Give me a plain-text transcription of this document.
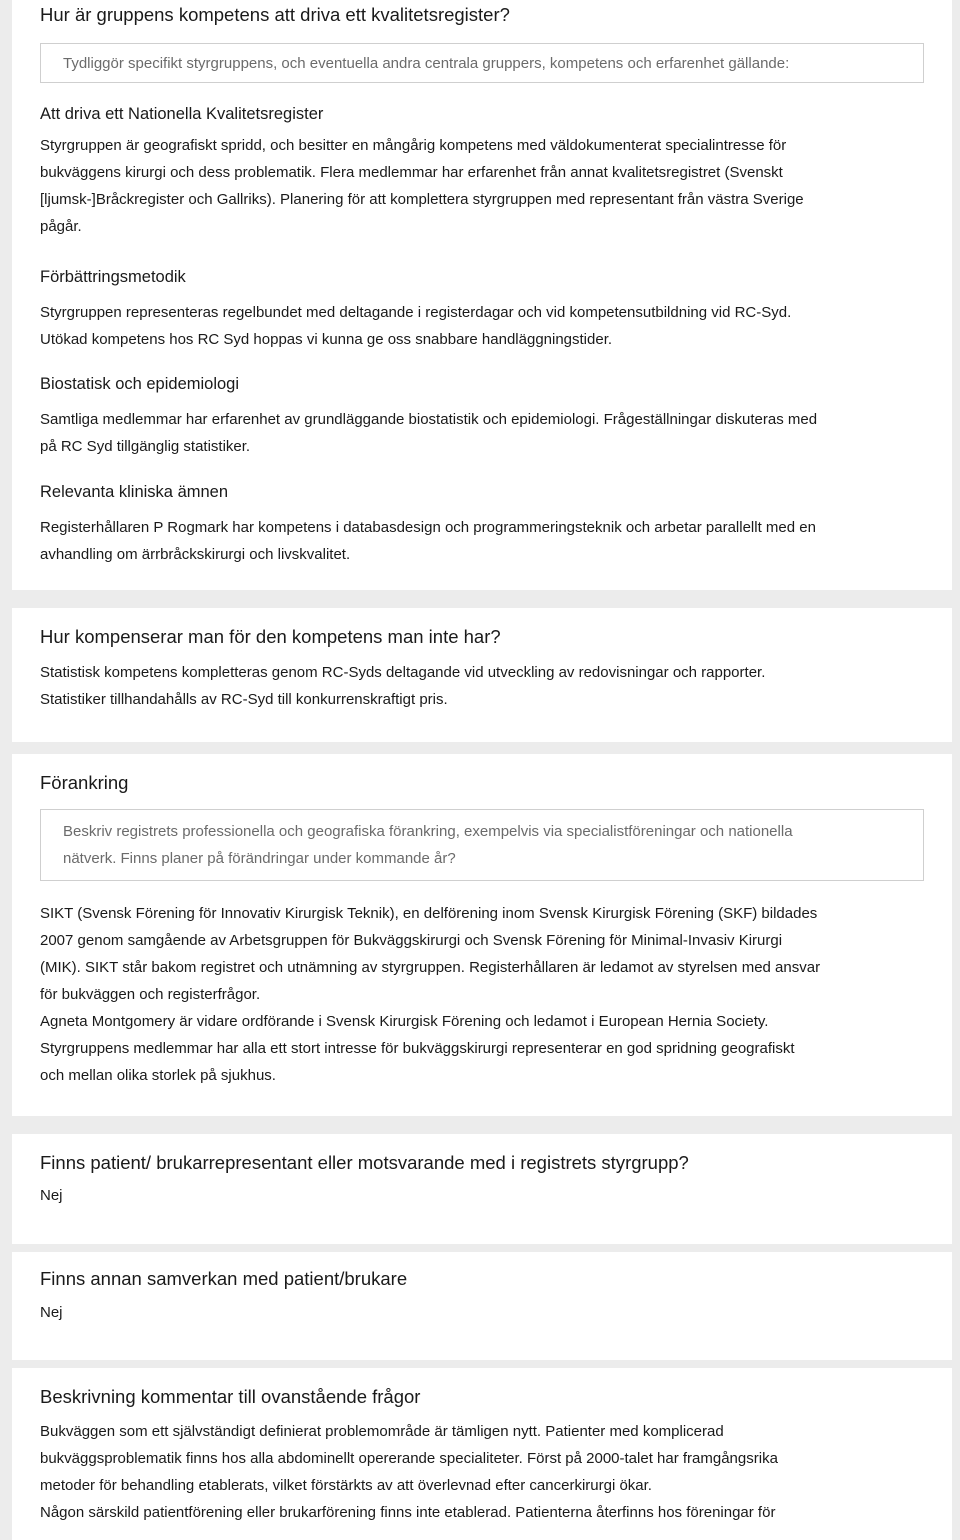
Hur är gruppens kompetens att driva ett kvalitetsregister?
Tydliggör specifikt styrgruppens, och eventuella andra centrala gruppers, kompetens och erfarenhet gällande:
Att driva ett Nationella Kvalitetsregister

Styrgruppen är geografiskt spridd, och besitter en mångårig kompetens med väldokumenterat specialintresse för

bukväggens kirurgi och dess problematik. Flera medlemmar har erfarenhet från annat kvalitetsregistret (Svenskt

[ljumsk-]Bråckregister och Gallriks). Planering för att komplettera styrgruppen med representant från västra Sverige

pågår.

Förbättringsmetodik

Styrgruppen representeras regelbundet med deltagande i registerdagar och vid kompetensutbildning vid RC-Syd.

Utökad kompetens hos RC Syd hoppas vi kunna ge oss snabbare handläggningstider.

Biostatisk och epidemiologi

Samtliga medlemmar har erfarenhet av grundläggande biostatistik och epidemiologi. Frågeställningar diskuteras med

på RC Syd tillgänglig statistiker.

Relevanta kliniska ämnen

Registerhållaren P Rogmark har kompetens i databasdesign och programmeringsteknik och arbetar parallellt med en

avhandling om ärrbråckskirurgi och livskvalitet.

Hur kompenserar man för den kompetens man inte har?

Statistisk kompetens kompletteras genom RC-Syds deltagande vid utveckling av redovisningar och rapporter.

Statistiker tillhandahålls av RC-Syd till konkurrenskraftigt pris.

Förankring

Beskriv registrets professionella och geografiska förankring, exempelvis via specialistföreningar och nationella

nätverk. Finns planer på förändringar under kommande år?

SIKT (Svensk Förening för Innovativ Kirurgisk Teknik), en delförening inom Svensk Kirurgisk Förening (SKF) bildades

2007 genom samgående av Arbetsgruppen för Bukväggskirurgi och Svensk Förening för Minimal-Invasiv Kirurgi

(MIK). SIKT står bakom registret och utnämning av styrgruppen. Registerhållaren är ledamot av styrelsen med ansvar

för bukväggen och registerfrågor.

Agneta Montgomery är vidare ordförande i Svensk Kirurgisk Förening och ledamot i European Hernia Society.

Styrgruppens medlemmar har alla ett stort intresse för bukväggskirurgi representerar en god spridning geografiskt

och mellan olika storlek på sjukhus.

Finns patient/ brukarrepresentant eller motsvarande med i registrets styrgrupp?

Nej

Finns annan samverkan med patient/brukare

Nej

Beskrivning kommentar till ovanstående frågor

Bukväggen som ett självständigt definierat problemområde är tämligen nytt. Patienter med komplicerad

bukväggsproblematik finns hos alla abdominellt opererande specialiteter. Först på 2000-talet har framgångsrika

metoder för behandling etablerats, vilket förstärkts av att överlevnad efter cancerkirurgi ökar.

Någon särskild patientförening eller brukarförening finns inte etablerad. Patienterna återfinns hos föreningar för
